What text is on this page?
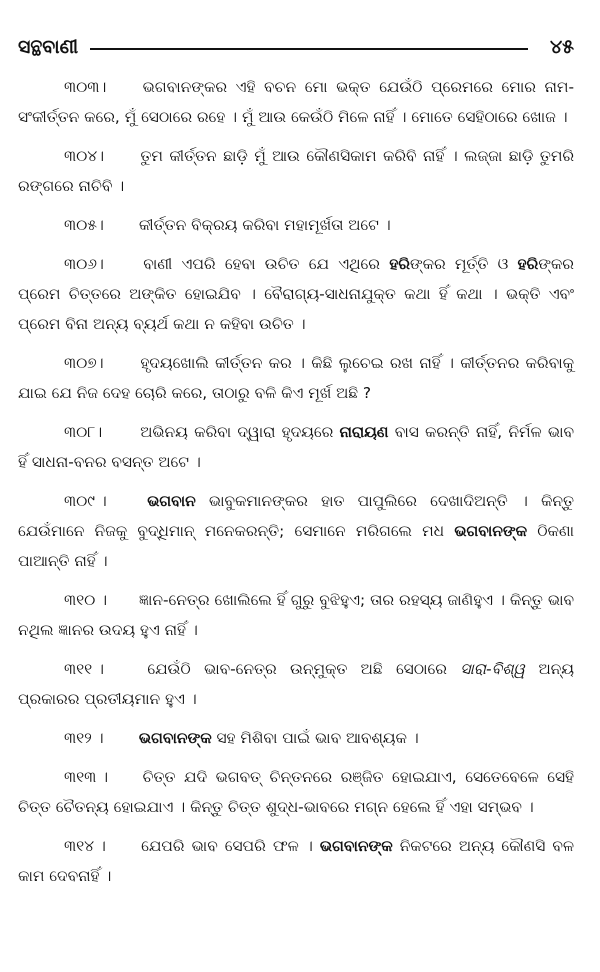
ସନ୍ଥବାଣୀ	୪୫
୩୦୩। ଭଗବାନଙ୍କର ଏହି ବଚନ ମୋ ଭକ୍ତ ଯେଉଁଠି ପ୍ରେମରେ ମୋର ନାମ-ସଂକୀର୍ତ୍ତନ କରେ, ମୁଁ ସେଠାରେ ରହେ । ମୁଁ ଆଉ କେଉଁଠି ମିଳେ ନାହିଁ । ମୋତେ ସେହିଠାରେ ଖୋଜ ।
୩୦୪। ତୁମ କୀର୍ତ୍ତନ ଛାଡ଼ି ମୁଁ ଆଉ କୌଣସିକାମ କରିବି ନାହିଁ । ଲଜ୍ଜା ଛାଡ଼ି ତୁମରି ରଙ୍ଗରେ ନାଚିବି ।
୩୦୫। କୀର୍ତ୍ତନ ବିକ୍ରୟ କରିବା ମହାମୂର୍ଖତା ଅଟେ ।
୩୦୬।	ବାଣୀ ଏପରି ହେବା ଉଚିତ ଯେ ଏଥିରେ ହରିଙ୍କର ମୂର୍ତ୍ତି ଓ ହରିଙ୍କର ପ୍ରେମ ଚିତ୍ତରେ ଅଙ୍କିତ ହୋଇଯିବ । ବୈରାଗ୍ୟ-ସାଧନାଯୁକ୍ତ କଥା ହିଁ କଥା । ଭକ୍ତି ଏବଂ ପ୍ରେମ ବିନା ଅନ୍ୟ ବ୍ୟର୍ଥ କଥା ନ କହିବା ଉଚିତ ।
୩୦୭। ହୃଦୟଖୋଲି କୀର୍ତ୍ତନ କର । କିଛି ଲୁଚେଇ ରଖ ନାହିଁ । କୀର୍ତ୍ତନର କରିବାକୁ ଯାଇ ଯେ ନିଜ ଦେହ ଚୋରି କରେ, ତାଠାରୁ ବଳି କିଏ ମୂର୍ଖ ଅଛି ?
୩୦୮। ଅଭିନୟ କରିବା ଦ୍ୱାରା ହୃଦୟରେ ନାରାୟଣ ବାସ କରନ୍ତି ନାହିଁ, ନିର୍ମଳ ଭାବ ହିଁ ସାଧନା-ବନର ବସନ୍ତ ଅଟେ ।
୩୦୯ ।	ଭଗବାନ ଭାବୁକମାନଙ୍କର ହାତ ପାପୁଲିରେ ଦେଖାଦିଅନ୍ତି । କିନ୍ତୁ ଯେଉଁମାନେ ନିଜକୁ ବୁଦ୍ଧିମାନ୍ ମନେକରନ୍ତି; ସେମାନେ ମରିଗଲେ ମଧ ଭଗବାନଙ୍କ ଠିକଣା ପାଆନ୍ତି ନାହିଁ ।
୩୧୦ । ଜ୍ଞାନ-ନେତ୍ର ଖୋଲିଲେ ହିଁ ଗୁରୁ ବୁଝିହୁଏ; ତାର ରହସ୍ୟ ଜାଣିହୁଏ । କିନ୍ତୁ ଭାବ ନଥିଲ ଜ୍ଞାନର ଉଦୟ ହୁଏ ନାହିଁ ।
୩୧୧ ।	ଯେଉଁଠି ଭାବ-ନେତ୍ର ଉନ୍ମୁକ୍ତ ଅଛି ସେଠାରେ ସାରା-ବିଶ୍ୱ ଅନ୍ୟ ପ୍ରକାରର ପ୍ରତୀୟମାନ ହୁଏ ।
୩୧୨ । ଭଗବାନଙ୍କ ସହ ମିଶିବା ପାଇଁ ଭାବ ଆବଶ୍ୟକ ।
୩୧୩ । ଚିତ୍ତ ଯଦି ଭଗବତ୍ ଚିନ୍ତନରେ ରଞ୍ଜିତ ହୋଇଯାଏ, ସେତେବେଳେ ସେହି ଚିତ୍ତ ଚୈତନ୍ୟ ହୋଇଯାଏ । କିନ୍ତୁ ଚିତ୍ତ ଶୁଦ୍ଧ-ଭାବରେ ମଗ୍ନ ହେଲେ ହିଁ ଏହା ସମ୍ଭବ ।
୩୧୪ । ଯେପରି ଭାବ ସେପରି ଫଳ । ଭଗବାନଙ୍କ ନିକଟରେ ଅନ୍ୟ କୌଣସି ବଳ କାମ ଦେବନାହିଁ ।
